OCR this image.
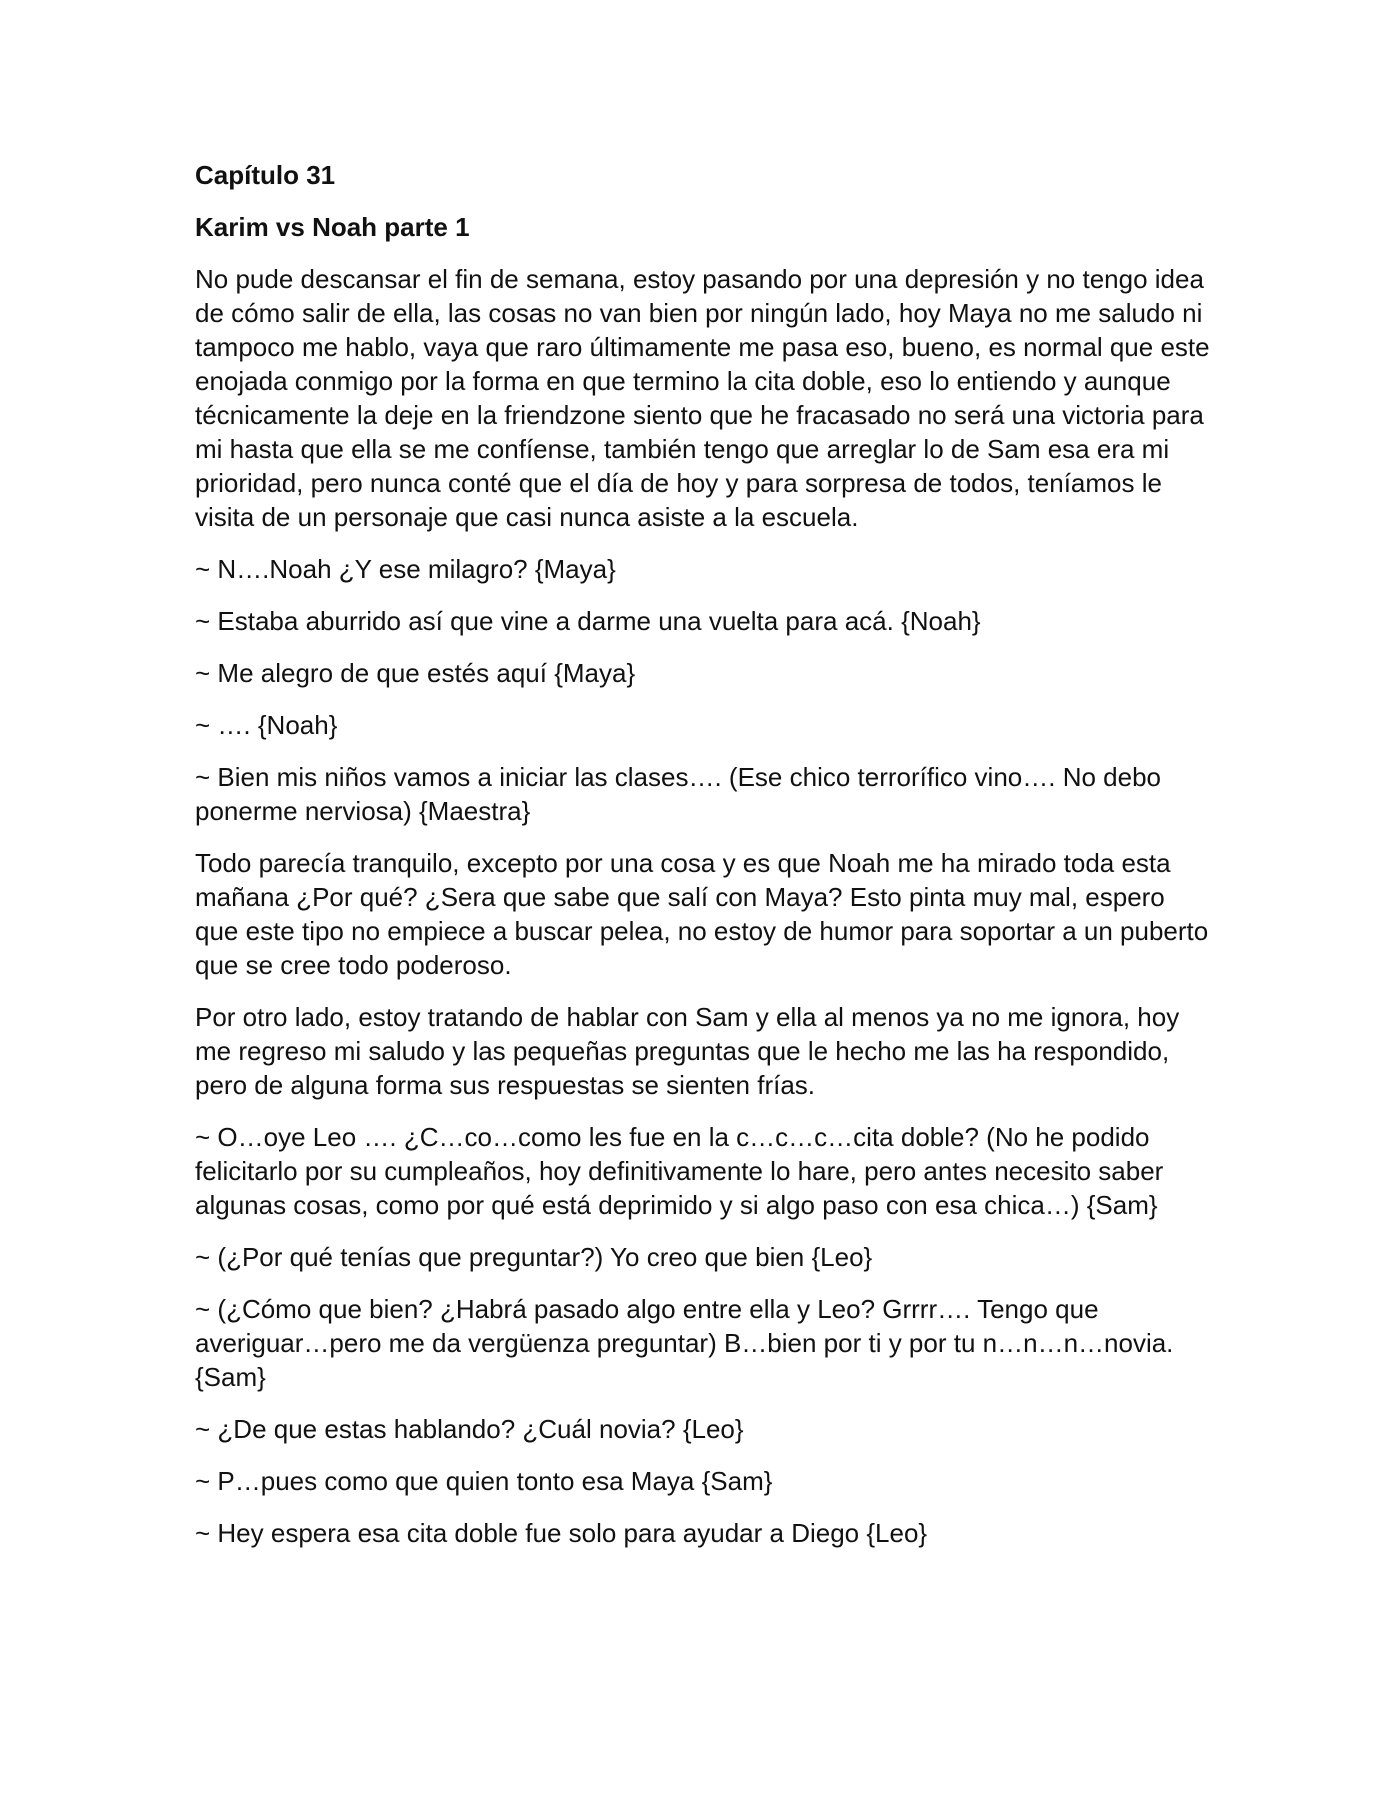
Capítulo 31

Karim vs Noah parte 1

No pude descansar el fin de semana, estoy pasando por una depresión y no tengo idea de cómo salir de ella, las cosas no van bien por ningún lado, hoy Maya no me saludo ni tampoco me hablo, vaya que raro últimamente me pasa eso, bueno, es normal que este enojada conmigo por la forma en que termino la cita doble, eso lo entiendo y aunque técnicamente la deje en la friendzone siento que he fracasado no será una victoria para mi hasta que ella se me confíense, también tengo que arreglar lo de Sam esa era mi prioridad, pero nunca conté que el día de hoy y para sorpresa de todos, teníamos le visita de un personaje que casi nunca asiste a la escuela.

~ N….Noah ¿Y ese milagro? {Maya}

~ Estaba aburrido así que vine a darme una vuelta para acá. {Noah}

~ Me alegro de que estés aquí {Maya}

~ …. {Noah}

~ Bien mis niños vamos a iniciar las clases…. (Ese chico terrorífico vino…. No debo ponerme nerviosa) {Maestra}

Todo parecía tranquilo, excepto por una cosa y es que Noah me ha mirado toda esta mañana ¿Por qué? ¿Sera que sabe que salí con Maya? Esto pinta muy mal, espero que este tipo no empiece a buscar pelea, no estoy de humor para soportar a un puberto que se cree todo poderoso.

Por otro lado, estoy tratando de hablar con Sam y ella al menos ya no me ignora, hoy me regreso mi saludo y las pequeñas preguntas que le hecho me las ha respondido, pero de alguna forma sus respuestas se sienten frías.

~ O…oye Leo …. ¿C…co…como les fue en la c…c…c…cita doble? (No he podido felicitarlo por su cumpleaños, hoy definitivamente lo hare, pero antes necesito saber algunas cosas, como por qué está deprimido y si algo paso con esa chica…) {Sam}

~ (¿Por qué tenías que preguntar?) Yo creo que bien {Leo}

~ (¿Cómo que bien? ¿Habrá pasado algo entre ella y Leo? Grrrr…. Tengo que averiguar…pero me da vergüenza preguntar) B…bien por ti y por tu n…n…n…novia. {Sam}

~ ¿De que estas hablando? ¿Cuál novia? {Leo}

~ P…pues como que quien tonto esa Maya {Sam}

~ Hey espera esa cita doble fue solo para ayudar a Diego {Leo}
